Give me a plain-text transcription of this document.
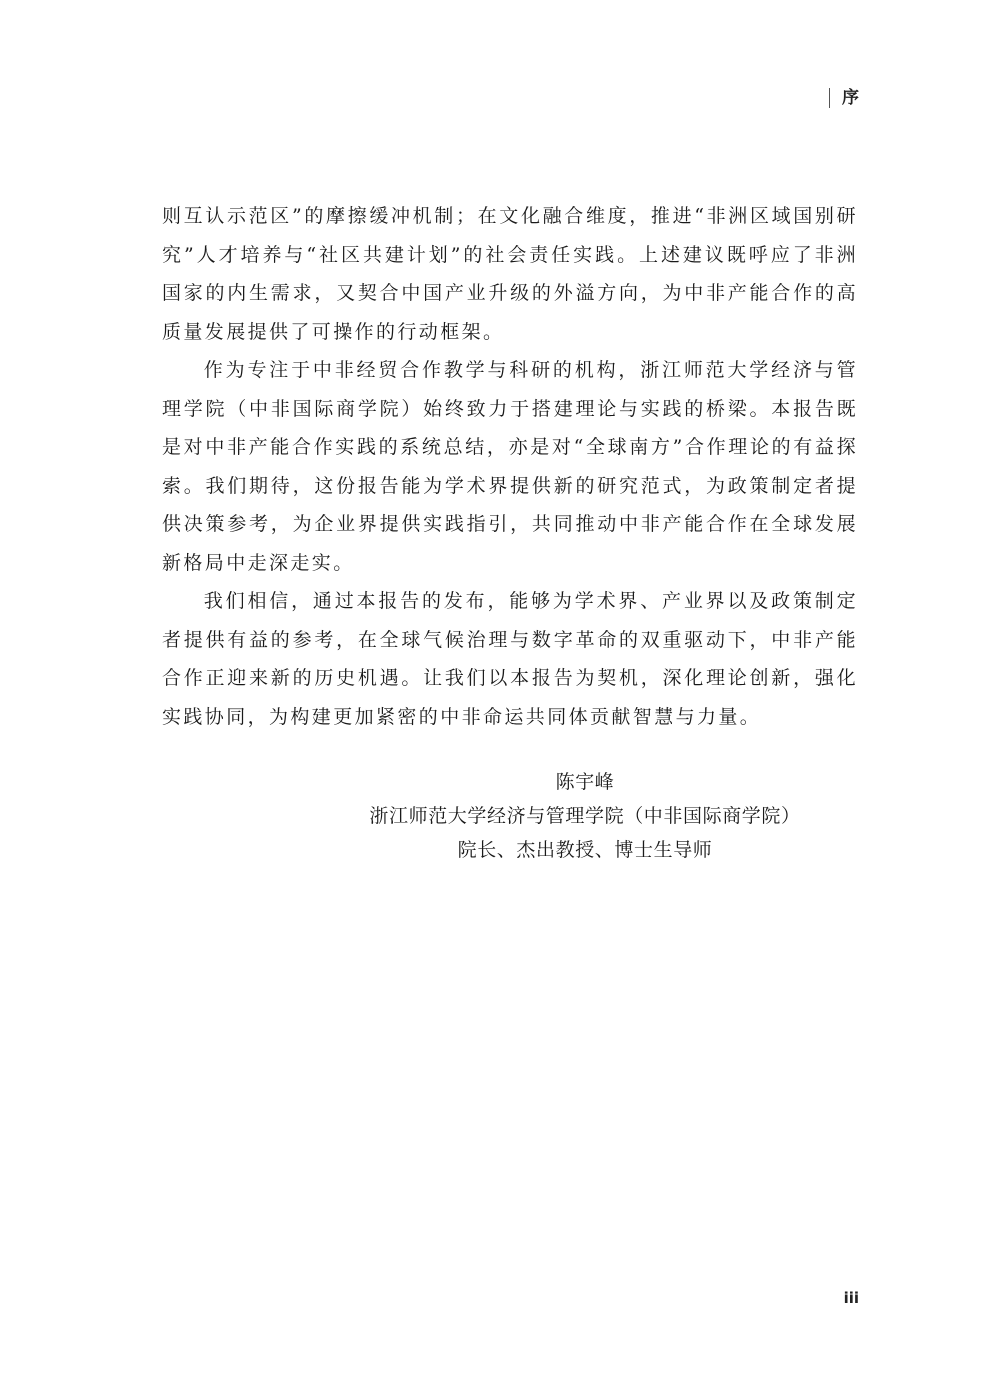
序

则互认示范区”的摩擦缓冲机制；在文化融合维度，推进“非洲区域国别研究”人才培养与“社区共建计划”的社会责任实践。上述建议既呼应了非洲国家的内生需求，又契合中国产业升级的外溢方向，为中非产能合作的高质量发展提供了可操作的行动框架。

作为专注于中非经贸合作教学与科研的机构，浙江师范大学经济与管理学院（中非国际商学院）始终致力于搭建理论与实践的桥梁。本报告既是对中非产能合作实践的系统总结，亦是对“全球南方”合作理论的有益探索。我们期待，这份报告能为学术界提供新的研究范式，为政策制定者提供决策参考，为企业界提供实践指引，共同推动中非产能合作在全球发展新格局中走深走实。

我们相信，通过本报告的发布，能够为学术界、产业界以及政策制定者提供有益的参考，在全球气候治理与数字革命的双重驱动下，中非产能合作正迎来新的历史机遇。让我们以本报告为契机，深化理论创新，强化实践协同，为构建更加紧密的中非命运共同体贡献智慧与力量。

陈宇峰
浙江师范大学经济与管理学院（中非国际商学院）
院长、杰出教授、博士生导师
iii
